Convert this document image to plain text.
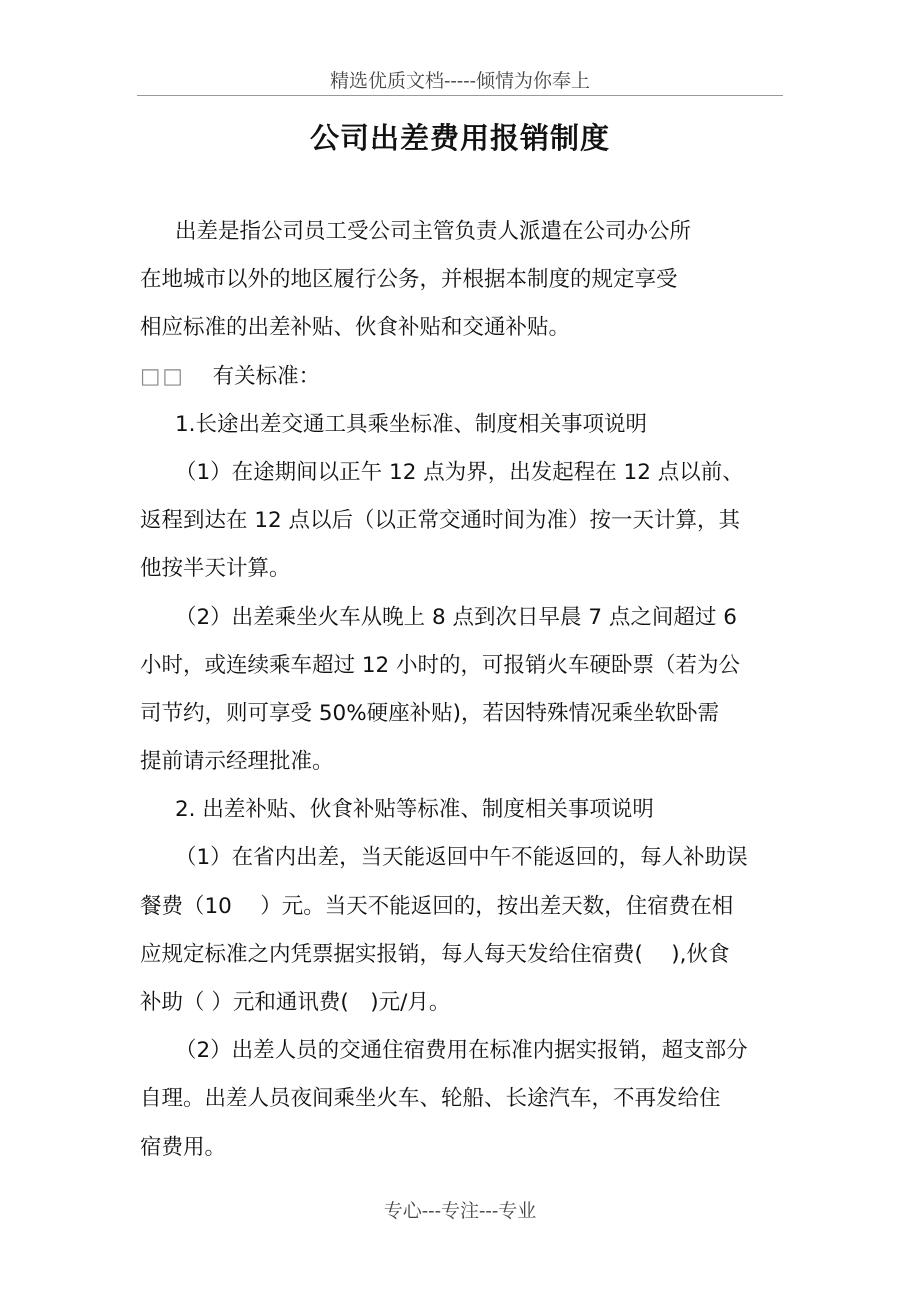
精选优质文档-----倾情为你奉上
公司出差费用报销制度
出差是指公司员工受公司主管负责人派遣在公司办公所
在地城市以外的地区履行公务，并根据本制度的规定享受
相应标准的出差补贴、伙食补贴和交通补贴。
□□ 有关标准：
1.长途出差交通工具乘坐标准、制度相关事项说明
（1）在途期间以正午 12 点为界，出发起程在 12 点以前、
返程到达在 12 点以后（以正常交通时间为准）按一天计算，其
他按半天计算。
（2）出差乘坐火车从晚上 8 点到次日早晨 7 点之间超过 6
小时，或连续乘车超过 12 小时的，可报销火车硬卧票（若为公
司节约，则可享受 50%硬座补贴)，若因特殊情况乘坐软卧需
提前请示经理批准。
2. 出差补贴、伙食补贴等标准、制度相关事项说明
（1）在省内出差，当天能返回中午不能返回的，每人补助误
餐费（10　 ）元。当天不能返回的，按出差天数，住宿费在相
应规定标准之内凭票据实报销，每人每天发给住宿费(　 ),伙食
补助（ ）元和通讯费(　)元/月。
（2）出差人员的交通住宿费用在标准内据实报销，超支部分
自理。出差人员夜间乘坐火车、轮船、长途汽车，不再发给住
宿费用。
专心---专注---专业
